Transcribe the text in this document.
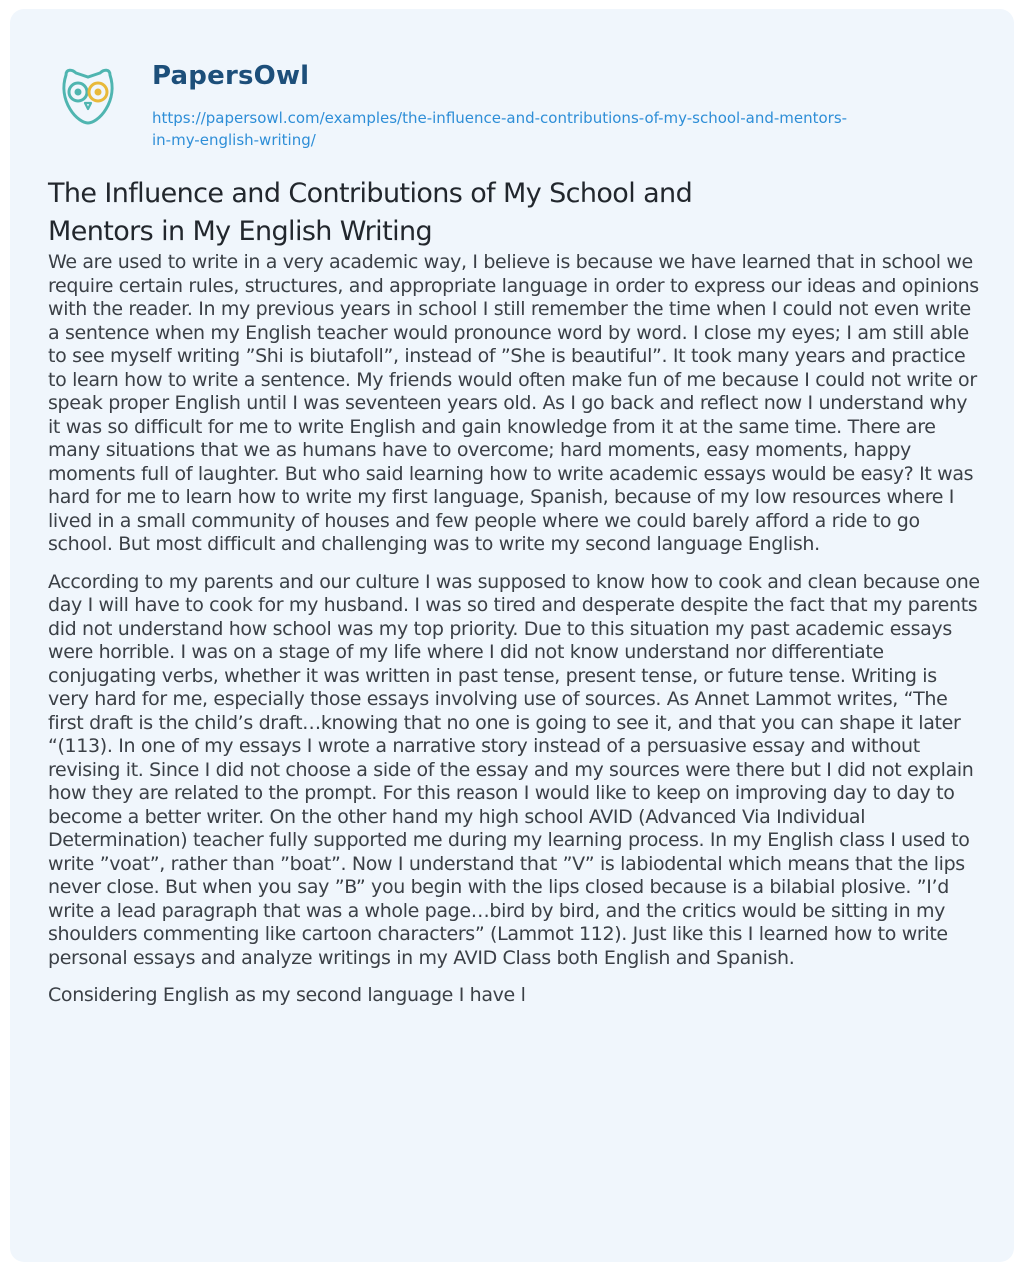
PapersOwl
https://papersowl.com/examples/the-influence-and-contributions-of-my-school-and-mentors-
in-my-english-writing/
The Influence and Contributions of My School and Mentors in My English Writing

We are used to write in a very academic way, I believe is because we have learned that in school we require certain rules, structures, and appropriate language in order to express our ideas and opinions with the reader. In my previous years in school I still remember the time when I could not even write a sentence when my English teacher would pronounce word by word. I close my eyes; I am still able to see myself writing ”Shi is biutafoll”, instead of ”She is beautiful”. It took many years and practice to learn how to write a sentence. My friends would often make fun of me because I could not write or speak proper English until I was seventeen years old. As I go back and reflect now I understand why it was so difficult for me to write English and gain knowledge from it at the same time. There are many situations that we as humans have to overcome; hard moments, easy moments, happy moments full of laughter. But who said learning how to write academic essays would be easy? It was hard for me to learn how to write my first language, Spanish, because of my low resources where I lived in a small community of houses and few people where we could barely afford a ride to go school. But most difficult and challenging was to write my second language English.

According to my parents and our culture I was supposed to know how to cook and clean because one day I will have to cook for my husband. I was so tired and desperate despite the fact that my parents did not understand how school was my top priority. Due to this situation my past academic essays were horrible. I was on a stage of my life where I did not know understand nor differentiate conjugating verbs, whether it was written in past tense, present tense, or future tense. Writing is very hard for me, especially those essays involving use of sources. As Annet Lammot writes, “The first draft is the child’s draft…knowing that no one is going to see it, and that you can shape it later “(113). In one of my essays I wrote a narrative story instead of a persuasive essay and without revising it. Since I did not choose a side of the essay and my sources were there but I did not explain how they are related to the prompt. For this reason I would like to keep on improving day to day to become a better writer. On the other hand my high school AVID (Advanced Via Individual Determination) teacher fully supported me during my learning process. In my English class I used to write ”voat”, rather than ”boat”. Now I understand that ”V” is labiodental which means that the lips never close. But when you say ”B” you begin with the lips closed because is a bilabial plosive. ”I’d write a lead paragraph that was a whole page…bird by bird, and the critics would be sitting in my shoulders commenting like cartoon characters” (Lammot 112). Just like this I learned how to write personal essays and analyze writings in my AVID Class both English and Spanish.

Considering English as my second language I have l
